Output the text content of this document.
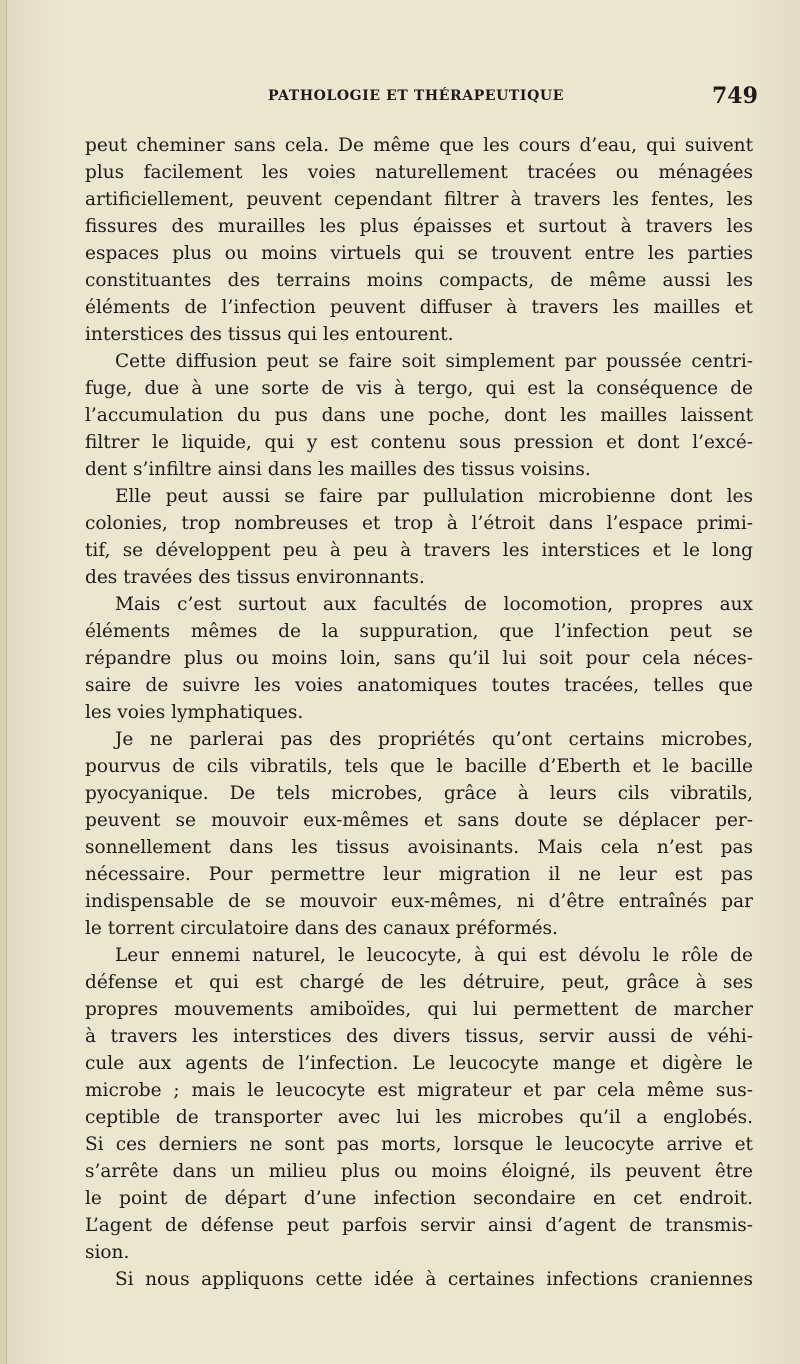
PATHOLOGIE ET THÉRAPEUTIQUE	749
peut cheminer sans cela. De même que les cours d’eau, qui suivent
plus facilement les voies naturellement tracées ou ménagées
artificiellement, peuvent cependant filtrer à travers les fentes, les
fissures des murailles les plus épaisses et surtout à travers les
espaces plus ou moins virtuels qui se trouvent entre les parties
constituantes des terrains moins compacts, de même aussi les
éléments de l’infection peuvent diffuser à travers les mailles et
interstices des tissus qui les entourent.
Cette diffusion peut se faire soit simplement par poussée centri-
fuge, due à une sorte de vis à tergo, qui est la conséquence de
l’accumulation du pus dans une poche, dont les mailles laissent
filtrer le liquide, qui y est contenu sous pression et dont l’excé-
dent s’infiltre ainsi dans les mailles des tissus voisins.
Elle peut aussi se faire par pullulation microbienne dont les
colonies, trop nombreuses et trop à l’étroit dans l’espace primi-
tif, se développent peu à peu à travers les interstices et le long
des travées des tissus environnants.
Mais c’est surtout aux facultés de locomotion, propres aux
éléments mêmes de la suppuration, que l’infection peut se
répandre plus ou moins loin, sans qu’il lui soit pour cela néces-
saire de suivre les voies anatomiques toutes tracées, telles que
les voies lymphatiques.
Je ne parlerai pas des propriétés qu’ont certains microbes,
pourvus de cils vibratils, tels que le bacille d’Eberth et le bacille
pyocyanique. De tels microbes, grâce à leurs cils vibratils,
peuvent se mouvoir eux-mêmes et sans doute se déplacer per-
sonnellement dans les tissus avoisinants. Mais cela n’est pas
nécessaire. Pour permettre leur migration il ne leur est pas
indispensable de se mouvoir eux-mêmes, ni d’être entraînés par
le torrent circulatoire dans des canaux préformés.
Leur ennemi naturel, le leucocyte, à qui est dévolu le rôle de
défense et qui est chargé de les détruire, peut, grâce à ses
propres mouvements amiboïdes, qui lui permettent de marcher
à travers les interstices des divers tissus, servir aussi de véhi-
cule aux agents de l’infection. Le leucocyte mange et digère le
microbe ; mais le leucocyte est migrateur et par cela même sus-
ceptible de transporter avec lui les microbes qu’il a englobés.
Si ces derniers ne sont pas morts, lorsque le leucocyte arrive et
s’arrête dans un milieu plus ou moins éloigné, ils peuvent être
le point de départ d’une infection secondaire en cet endroit.
L’agent de défense peut parfois servir ainsi d’agent de transmis-
sion.
Si nous appliquons cette idée à certaines infections craniennes
